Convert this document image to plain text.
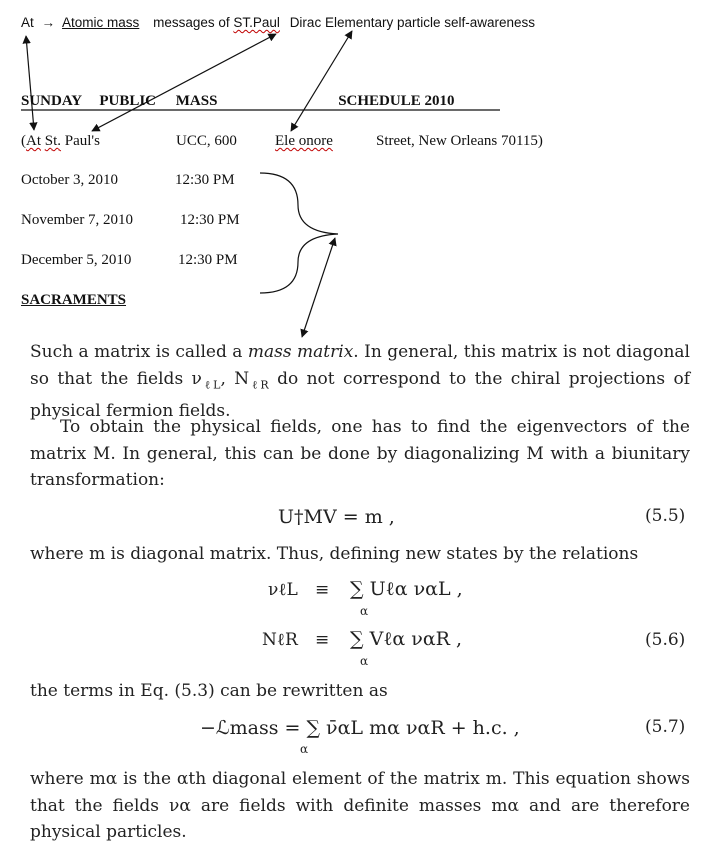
At → Atomic mass messages of ST.Paul Dirac Elementary particle self-awareness
SUNDAY PUBLIC MASS	SCHEDULE 2010
(At St. Paul's	UCC, 600	Ele onore	Street, New Orleans 70115)
October 3, 2010	12:30 PM
November 7, 2010	12:30 PM
December 5, 2010	12:30 PM
SACRAMENTS
Such a matrix is called a mass matrix. In general, this matrix is not diagonal so that the fields $\nu_{\ell L}$, $N_{\ell R}$ do not correspond to the chiral projections of physical fermion fields.
To obtain the physical fields, one has to find the eigenvectors of the matrix M. In general, this can be done by diagonalizing M with a biunitary transformation:
U†MV = m ,	(5.5)
where m is diagonal matrix. Thus, defining new states by the relations
νℓL ≡ ∑ Uℓα ναL ,
α
NℓR ≡ ∑ Vℓα ναR ,
α
(5.6)
the terms in Eq. (5.3) can be rewritten as
−ℒmass = ∑ ν̄αL mα ναR + h.c. ,
α
(5.7)
where mα is the αth diagonal element of the matrix m. This equation shows that the fields να are fields with definite masses mα and are therefore physical particles.
